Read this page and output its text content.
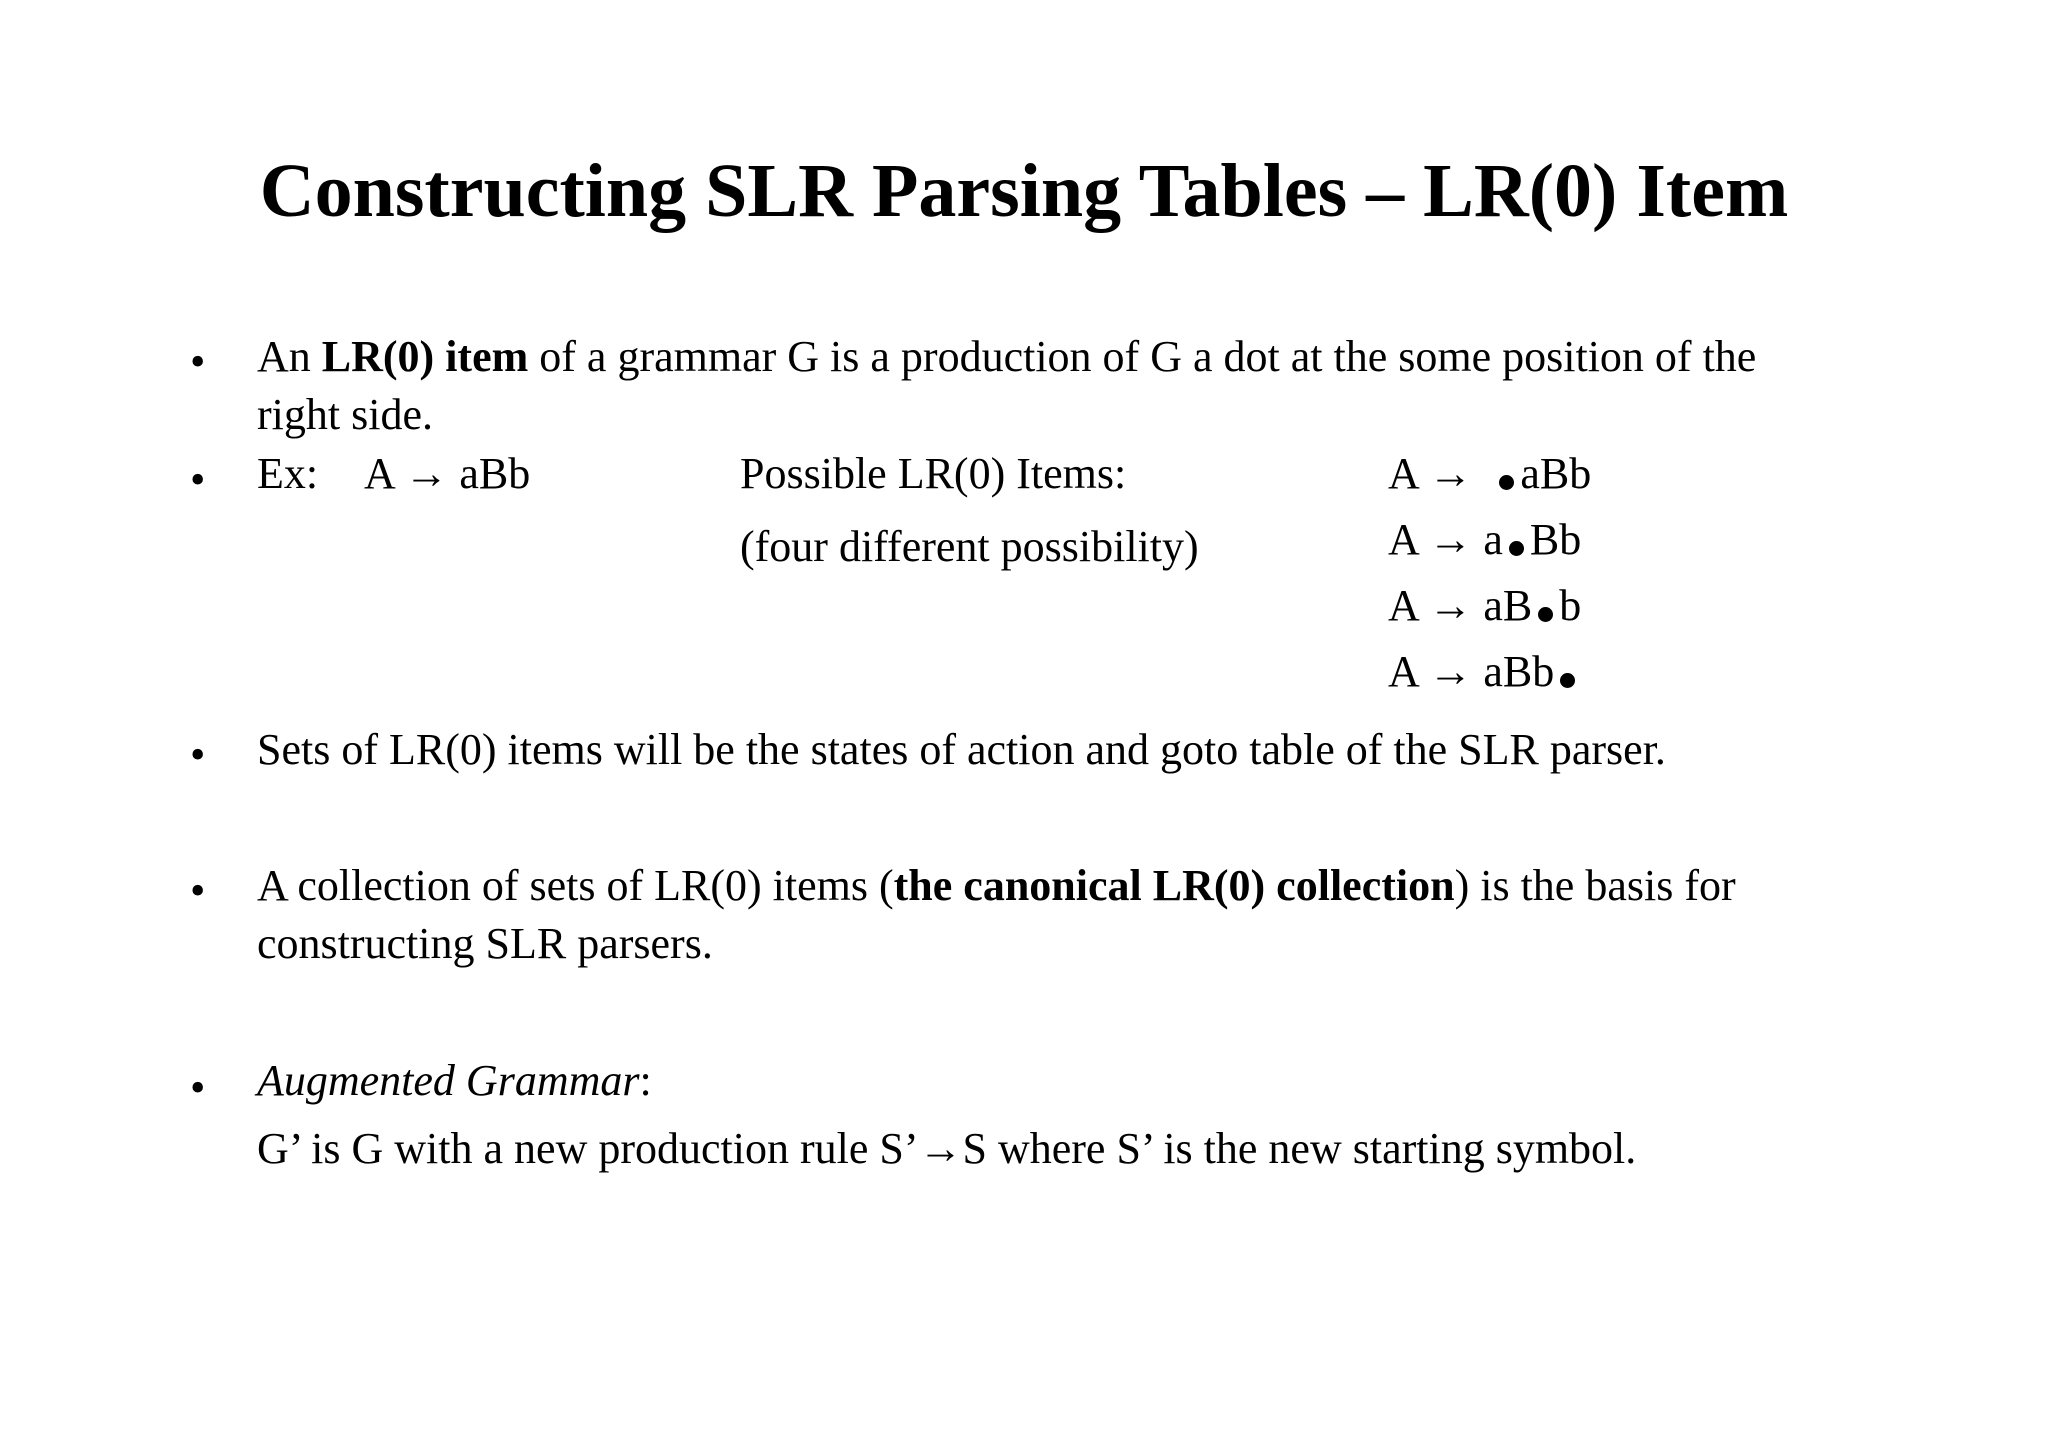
Constructing SLR Parsing Tables – LR(0) Item
• An LR(0) item of a grammar G is a production of G a dot at the some position of the
right side.
• Ex: A → aBb	Possible LR(0) Items:
(four different possibility)
A → aBb
A → a Bb
A → aB b
A → aBb
• Sets of LR(0) items will be the states of action and goto table of the SLR parser.
• A collection of sets of LR(0) items (the canonical LR(0) collection) is the basis for
constructing SLR parsers.
• Augmented Grammar:
G’ is G with a new production rule S’→S where S’ is the new starting symbol.
